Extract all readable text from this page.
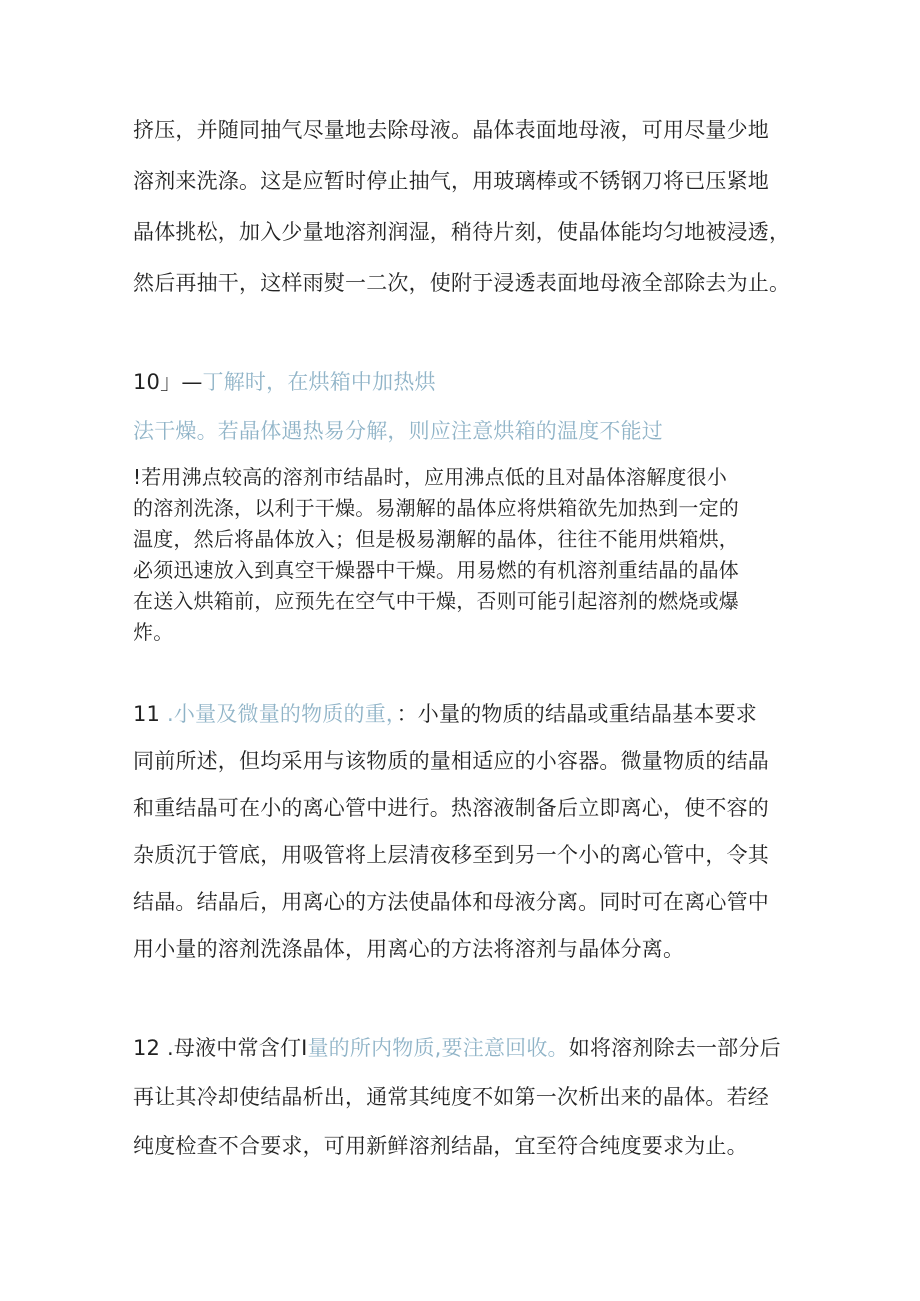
挤压，并随同抽气尽量地去除母液。晶体表面地母液，可用尽量少地
溶剂来洗涤。这是应暂时停止抽气，用玻璃棒或不锈钢刀将已压紧地
晶体挑松，加入少量地溶剂润湿，稍待片刻，使晶体能均匀地被浸透，
然后再抽干，这样雨熨一二次，使附于浸透表面地母液全部除去为止。
10」—丁解时，在烘箱中加热烘
法干燥。若晶体遇热易分解，则应注意烘箱的温度不能过
!若用沸点较高的溶剂市结晶时，应用沸点低的且对晶体溶解度很小
的溶剂洗涤，以利于干燥。易潮解的晶体应将烘箱欲先加热到一定的
温度，然后将晶体放入；但是极易潮解的晶体，往往不能用烘箱烘，
必须迅速放入到真空干燥器中干燥。用易燃的有机溶剂重结晶的晶体
在送入烘箱前，应预先在空气中干燥，否则可能引起溶剂的燃烧或爆
炸。
11 .小量及微量的物质的重，：小量的物质的结晶或重结晶基本要求
同前所述，但均采用与该物质的量相适应的小容器。微量物质的结晶
和重结晶可在小的离心管中进行。热溶液制备后立即离心，使不容的
杂质沉于管底，用吸管将上层清夜移至到另一个小的离心管中，令其
结晶。结晶后，用离心的方法使晶体和母液分离。同时可在离心管中
用小量的溶剂洗涤晶体，用离心的方法将溶剂与晶体分离。
12 .母液中常含仃I量的所内物质,要注意回收。如将溶剂除去一部分后
再让其冷却使结晶析出，通常其纯度不如第一次析出来的晶体。若经
纯度检查不合要求，可用新鲜溶剂结晶，宜至符合纯度要求为止。
